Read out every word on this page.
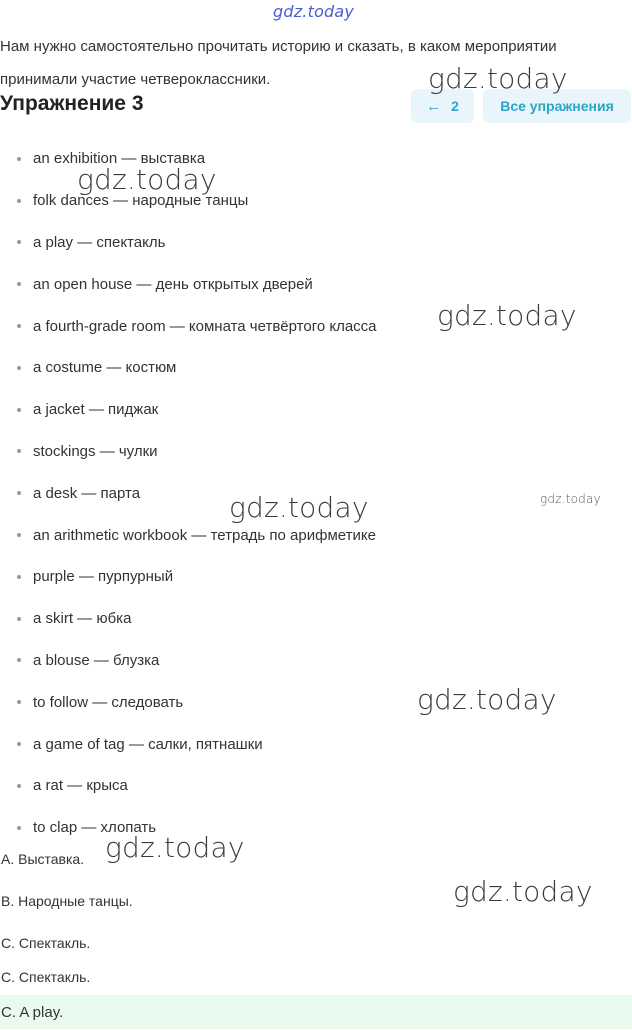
gdz.today
Нам нужно самостоятельно прочитать историю и сказать, в каком мероприятии принимали участие четвероклассники.
Упражнение 3	← 2	Все упражнения
an exhibition — выставка
folk dances — народные танцы
a play — спектакль
an open house — день открытых дверей
a fourth-grade room — комната четвёртого класса
a costume — костюм
a jacket — пиджак
stockings — чулки
a desk — парта
an arithmetic workbook — тетрадь по арифметике
purple — пурпурный
a skirt — юбка
a blouse — блузка
to follow — следовать
a game of tag — салки, пятнашки
a rat — крыса
to clap — хлопать
A. Выставка.
B. Народные танцы.
C. Спектакль.
C. Спектакль.
C. A play.
gdz.today
gdz.today
gdz.today
gdz.today	gdz.today
gdz.today
gdz.today
gdz.today
